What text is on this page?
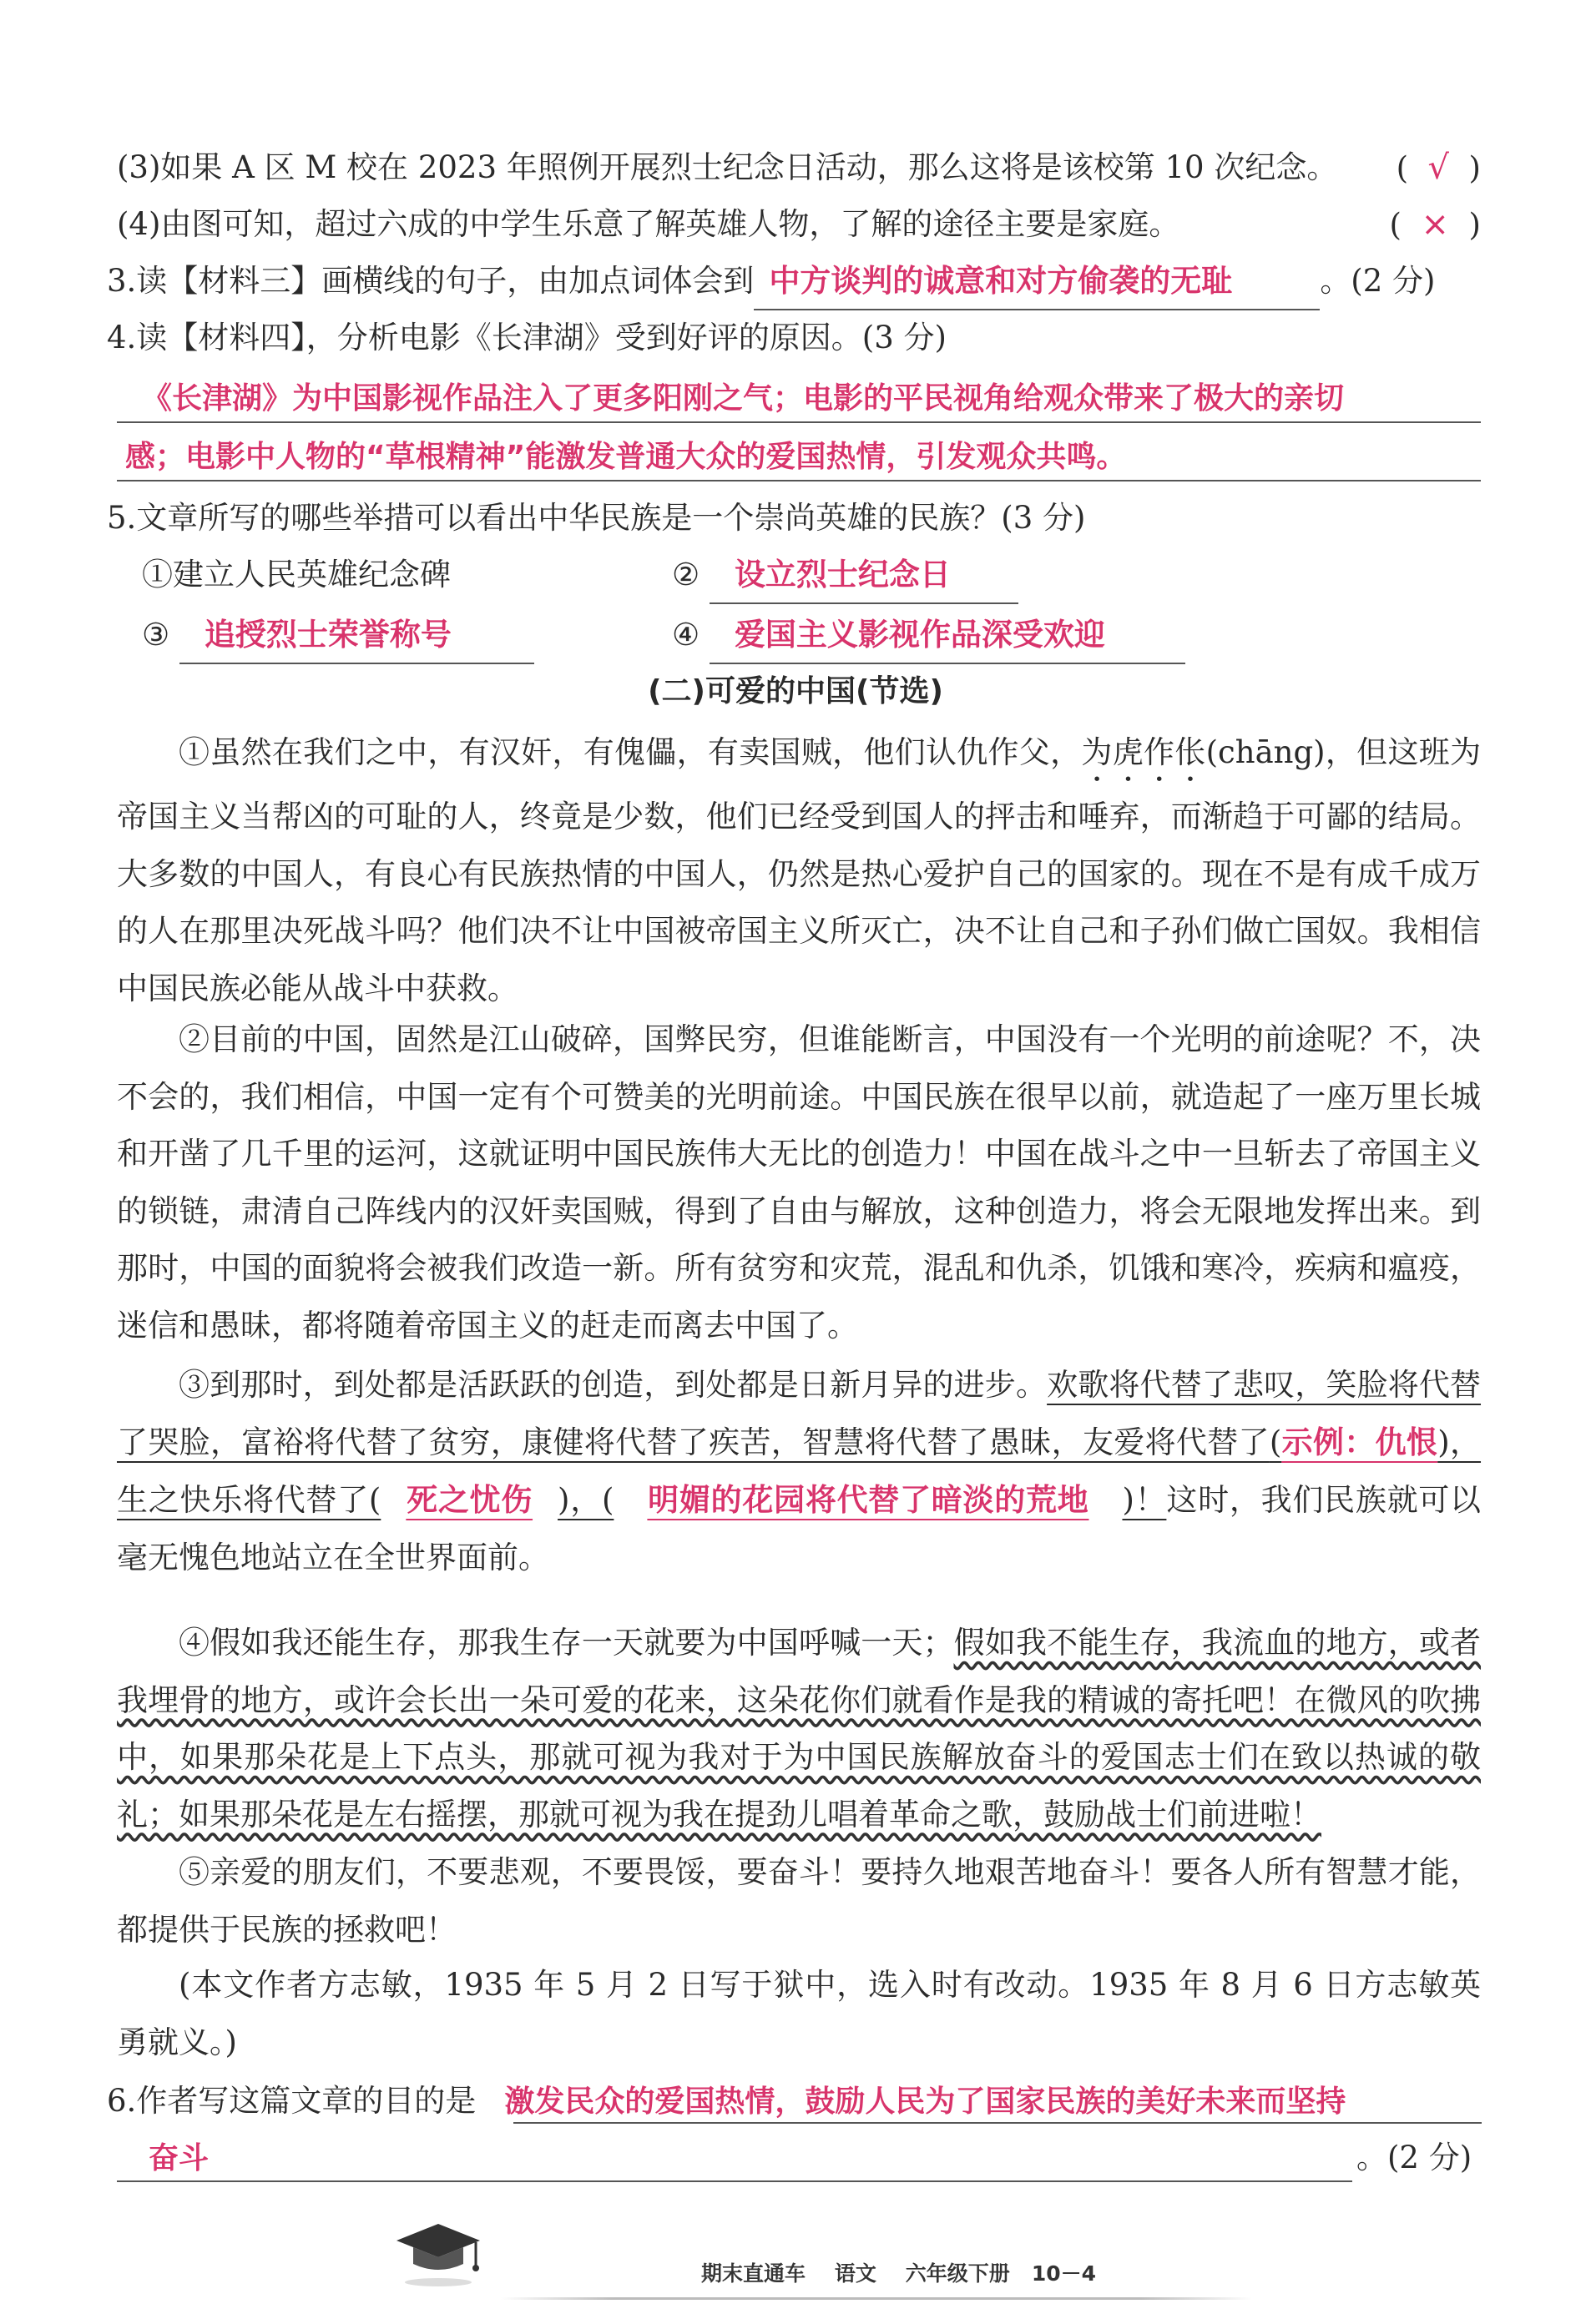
(3)如果 A 区 M 校在 2023 年照例开展烈士纪念日活动，那么这将是该校第 10 次纪念。	(  √  )
(4)由图可知，超过六成的中学生乐意了解英雄人物，了解的途径主要是家庭。	(  ×  )
3.读【材料三】画横线的句子，由加点词体会到 中方谈判的诚意和对方偷袭的无耻	。(2 分)
4.读【材料四】，分析电影《长津湖》受到好评的原因。(3 分)
《长津湖》为中国影视作品注入了更多阳刚之气；电影的平民视角给观众带来了极大的亲切
感；电影中人物的“草根精神”能激发普通大众的爱国热情，引发观众共鸣。
5.文章所写的哪些举措可以看出中华民族是一个崇尚英雄的民族？(3 分)
①建立人民英雄纪念碑	② 设立烈士纪念日
③ 追授烈士荣誉称号	④ 爱国主义影视作品深受欢迎
(二)可爱的中国(节选)
①虽然在我们之中，有汉奸，有傀儡，有卖国贼，他们认仇作父，为虎作伥(chāng)，但这班为帝国主义当帮凶的可耻的人，终竟是少数，他们已经受到国人的抨击和唾弃，而渐趋于可鄙的结局。大多数的中国人，有良心有民族热情的中国人，仍然是热心爱护自己的国家的。现在不是有成千成万的人在那里决死战斗吗？他们决不让中国被帝国主义所灭亡，决不让自己和子孙们做亡国奴。我相信中国民族必能从战斗中获救。
②目前的中国，固然是江山破碎，国弊民穷，但谁能断言，中国没有一个光明的前途呢？不，决不会的，我们相信，中国一定有个可赞美的光明前途。中国民族在很早以前，就造起了一座万里长城和开凿了几千里的运河，这就证明中国民族伟大无比的创造力！中国在战斗之中一旦斩去了帝国主义的锁链，肃清自己阵线内的汉奸卖国贼，得到了自由与解放，这种创造力，将会无限地发挥出来。到那时，中国的面貌将会被我们改造一新。所有贫穷和灾荒，混乱和仇杀，饥饿和寒冷，疾病和瘟疫，迷信和愚昧，都将随着帝国主义的赶走而离去中国了。
③到那时，到处都是活跃跃的创造，到处都是日新月异的进步。欢歌将代替了悲叹，笑脸将代替了哭脸，富裕将代替了贫穷，康健将代替了疾苦，智慧将代替了愚昧，友爱将代替了(示例：仇恨)，生之快乐将代替了( 死之忧伤 )，( 明媚的花园将代替了暗淡的荒地 )！这时，我们民族就可以毫无愧色地站立在全世界面前。
④假如我还能生存，那我生存一天就要为中国呼喊一天；假如我不能生存，我流血的地方，或者我埋骨的地方，或许会长出一朵可爱的花来，这朵花你们就看作是我的精诚的寄托吧！在微风的吹拂中，如果那朵花是上下点头，那就可视为我对于为中国民族解放奋斗的爱国志士们在致以热诚的敬礼；如果那朵花是左右摇摆，那就可视为我在提劲儿唱着革命之歌，鼓励战士们前进啦！
⑤亲爱的朋友们，不要悲观，不要畏馁，要奋斗！要持久地艰苦地奋斗！要各人所有智慧才能，都提供于民族的拯救吧！
(本文作者方志敏，1935 年 5 月 2 日写于狱中，选入时有改动。1935 年 8 月 6 日方志敏英勇就义。)
6.作者写这篇文章的目的是 激发民众的爱国热情，鼓励人民为了国家民族的美好未来而坚持
奋斗	。(2 分)
期末直通车 语文 六年级下册 10－4
